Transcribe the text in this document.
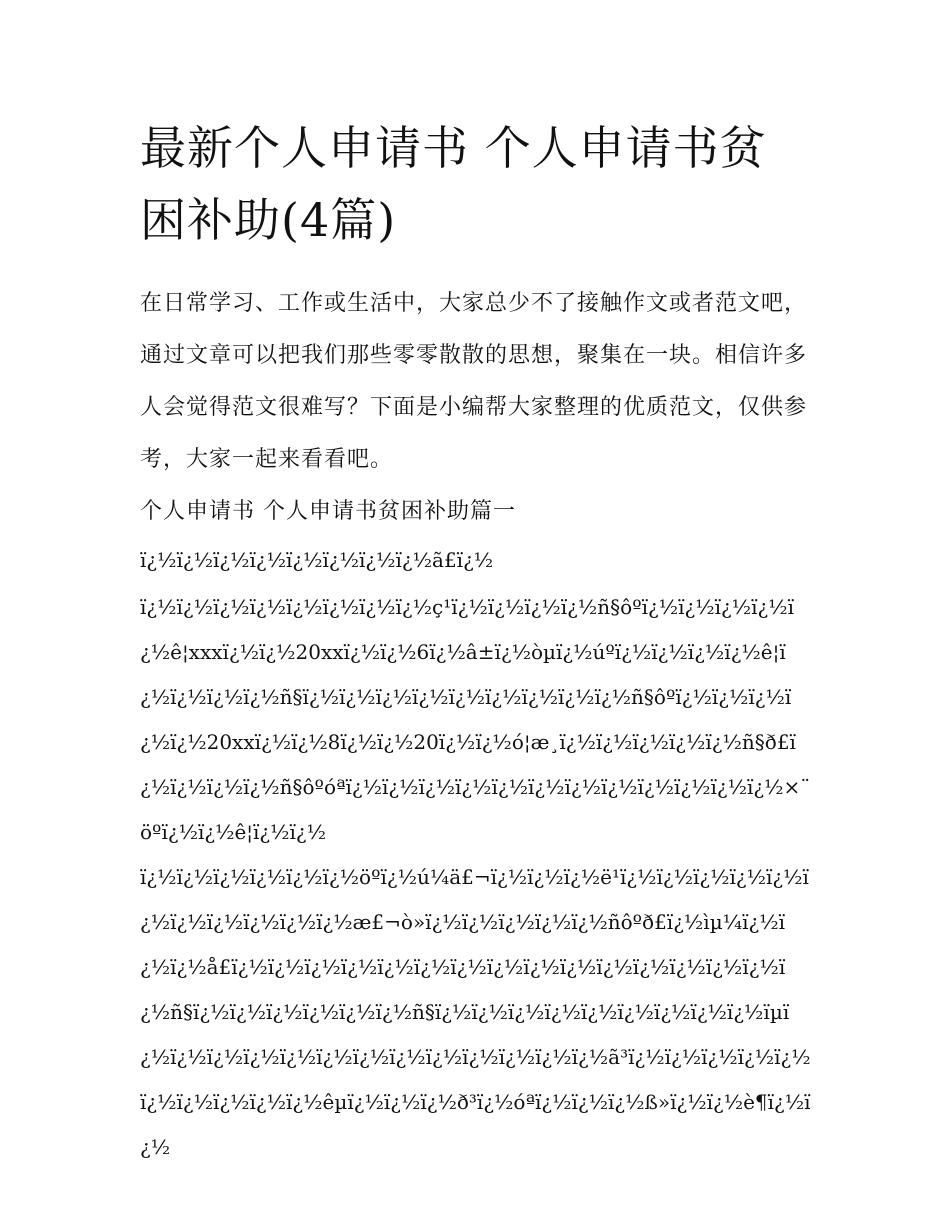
最新个人申请书 个人申请书贫困补助(4篇)

在日常学习、工作或生活中，大家总少不了接触作文或者范文吧，通过文章可以把我们那些零零散散的思想，聚集在一块。相信许多人会觉得范文很难写？下面是小编帮大家整理的优质范文，仅供参考，大家一起来看看吧。

个人申请书 个人申请书贫困补助篇一

ï¿½ï¿½ï¿½ï¿½ï¿½ï¿½ï¿½ï¿½ã£ï¿½

ï¿½ï¿½ï¿½ï¿½ï¿½ï¿½ï¿½ï¿½ç¹ï¿½ï¿½ï¿½ï¿½ñ§ôºï¿½ï¿½ï¿½ï¿½ï¿½ê¦xxxï¿½ï¿½20xxï¿½ï¿½6ï¿½â±ï¿½òµï¿½úºï¿½ï¿½ï¿½ï¿½ê¦ï¿½ï¿½ï¿½ï¿½ñ§ï¿½ï¿½ï¿½ï¿½ï¿½ï¿½ï¿½ï¿½ï¿½ñ§ôºï¿½ï¿½ï¿½ï¿½ï¿½20xxï¿½ï¿½8ï¿½ï¿½20ï¿½ï¿½ó¦æ¸ï¿½ï¿½ï¿½ï¿½ï¿½ñ§ð£ï¿½ï¿½ï¿½ï¿½ñ§ôºóªï¿½ï¿½ï¿½ï¿½ï¿½ï¿½ï¿½ï¿½ï¿½ï¿½ï¿½ï¿½×¨öºï¿½ï¿½ê¦ï¿½ï¿½

ï¿½ï¿½ï¿½ï¿½ï¿½ï¿½öºï¿½ú¼ä£¬ï¿½ï¿½ï¿½ë¹ï¿½ï¿½ï¿½ï¿½ï¿½ï¿½ï¿½ï¿½ï¿½ï¿½ï¿½æ£¬ò»ï¿½ï¿½ï¿½ï¿½ï¿½ñôºð£ï¿½ìµ¼ï¿½ï¿½ï¿½å£ï¿½ï¿½ï¿½ï¿½ï¿½ï¿½ï¿½ï¿½ï¿½ï¿½ï¿½ï¿½ï¿½ï¿½ï¿½ï¿½ñ§ï¿½ï¿½ï¿½ï¿½ï¿½ï¿½ñ§ï¿½ï¿½ï¿½ï¿½ï¿½ï¿½ï¿½ï¿½ï¿½ïµï¿½ï¿½ï¿½ï¿½ï¿½ï¿½ï¿½ï¿½ï¿½ï¿½ï¿½ï¿½ï¿½ã³ï¿½ï¿½ï¿½ï¿½ï¿½ï¿½ï¿½ï¿½ï¿½ï¿½êµï¿½ï¿½ï¿½ð³ï¿½óªï¿½ï¿½ï¿½ß»ï¿½ï¿½è¶ï¿½ï¿½
